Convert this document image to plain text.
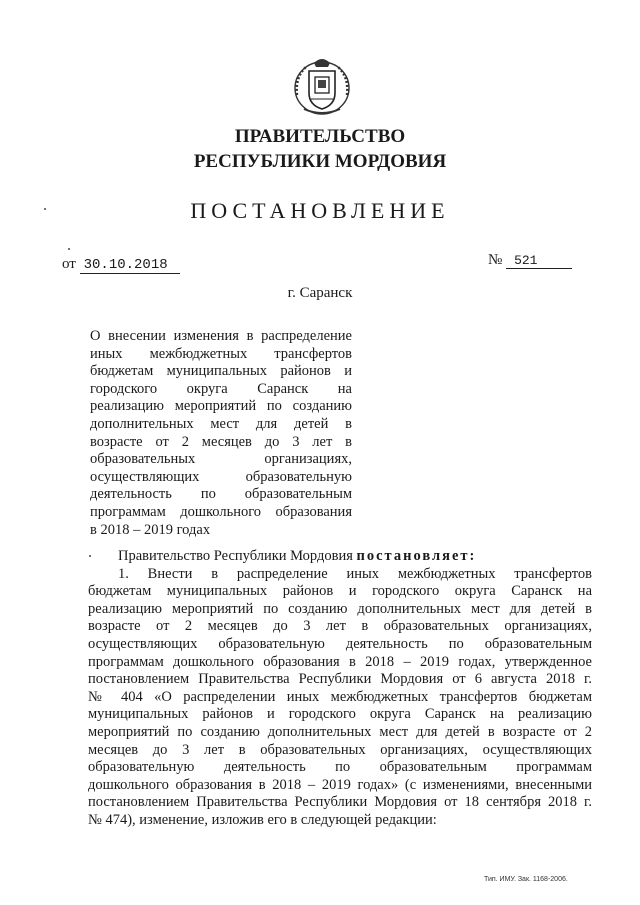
ПРАВИТЕЛЬСТВО
РЕСПУБЛИКИ МОРДОВИЯ
ПОСТАНОВЛЕНИЕ
от 30.10.2018	№ 521
г. Саранск
О внесении изменения в распределение
иных межбюджетных трансфертов
бюджетам муниципальных районов и
городского округа Саранск на
реализацию мероприятий по созданию
дополнительных мест для детей в
возрасте от 2 месяцев до 3 лет в
образовательных организациях,
осуществляющих образовательную
деятельность по образовательным
программам дошкольного образования
в 2018 – 2019 годах
Правительство Республики Мордовия постановляет:
1. Внести в распределение иных межбюджетных трансфертов
бюджетам муниципальных районов и городского округа Саранск на
реализацию мероприятий по созданию дополнительных мест для детей в
возрасте от 2 месяцев до 3 лет в образовательных организациях,
осуществляющих образовательную деятельность по образовательным
программам дошкольного образования в 2018 – 2019 годах, утвержденное
постановлением Правительства Республики Мордовия от 6 августа 2018 г.
№ 404 «О распределении иных межбюджетных трансфертов бюджетам
муниципальных районов и городского округа Саранск на реализацию
мероприятий по созданию дополнительных мест для детей в возрасте от 2
месяцев до 3 лет в образовательных организациях, осуществляющих
образовательную деятельность по образовательным программам
дошкольного образования в 2018 – 2019 годах» (с изменениями, внесенными
постановлением Правительства Республики Мордовия от 18 сентября 2018 г.
№ 474), изменение, изложив его в следующей редакции:
Тип. ИМУ. Зак. 1168-2006.
